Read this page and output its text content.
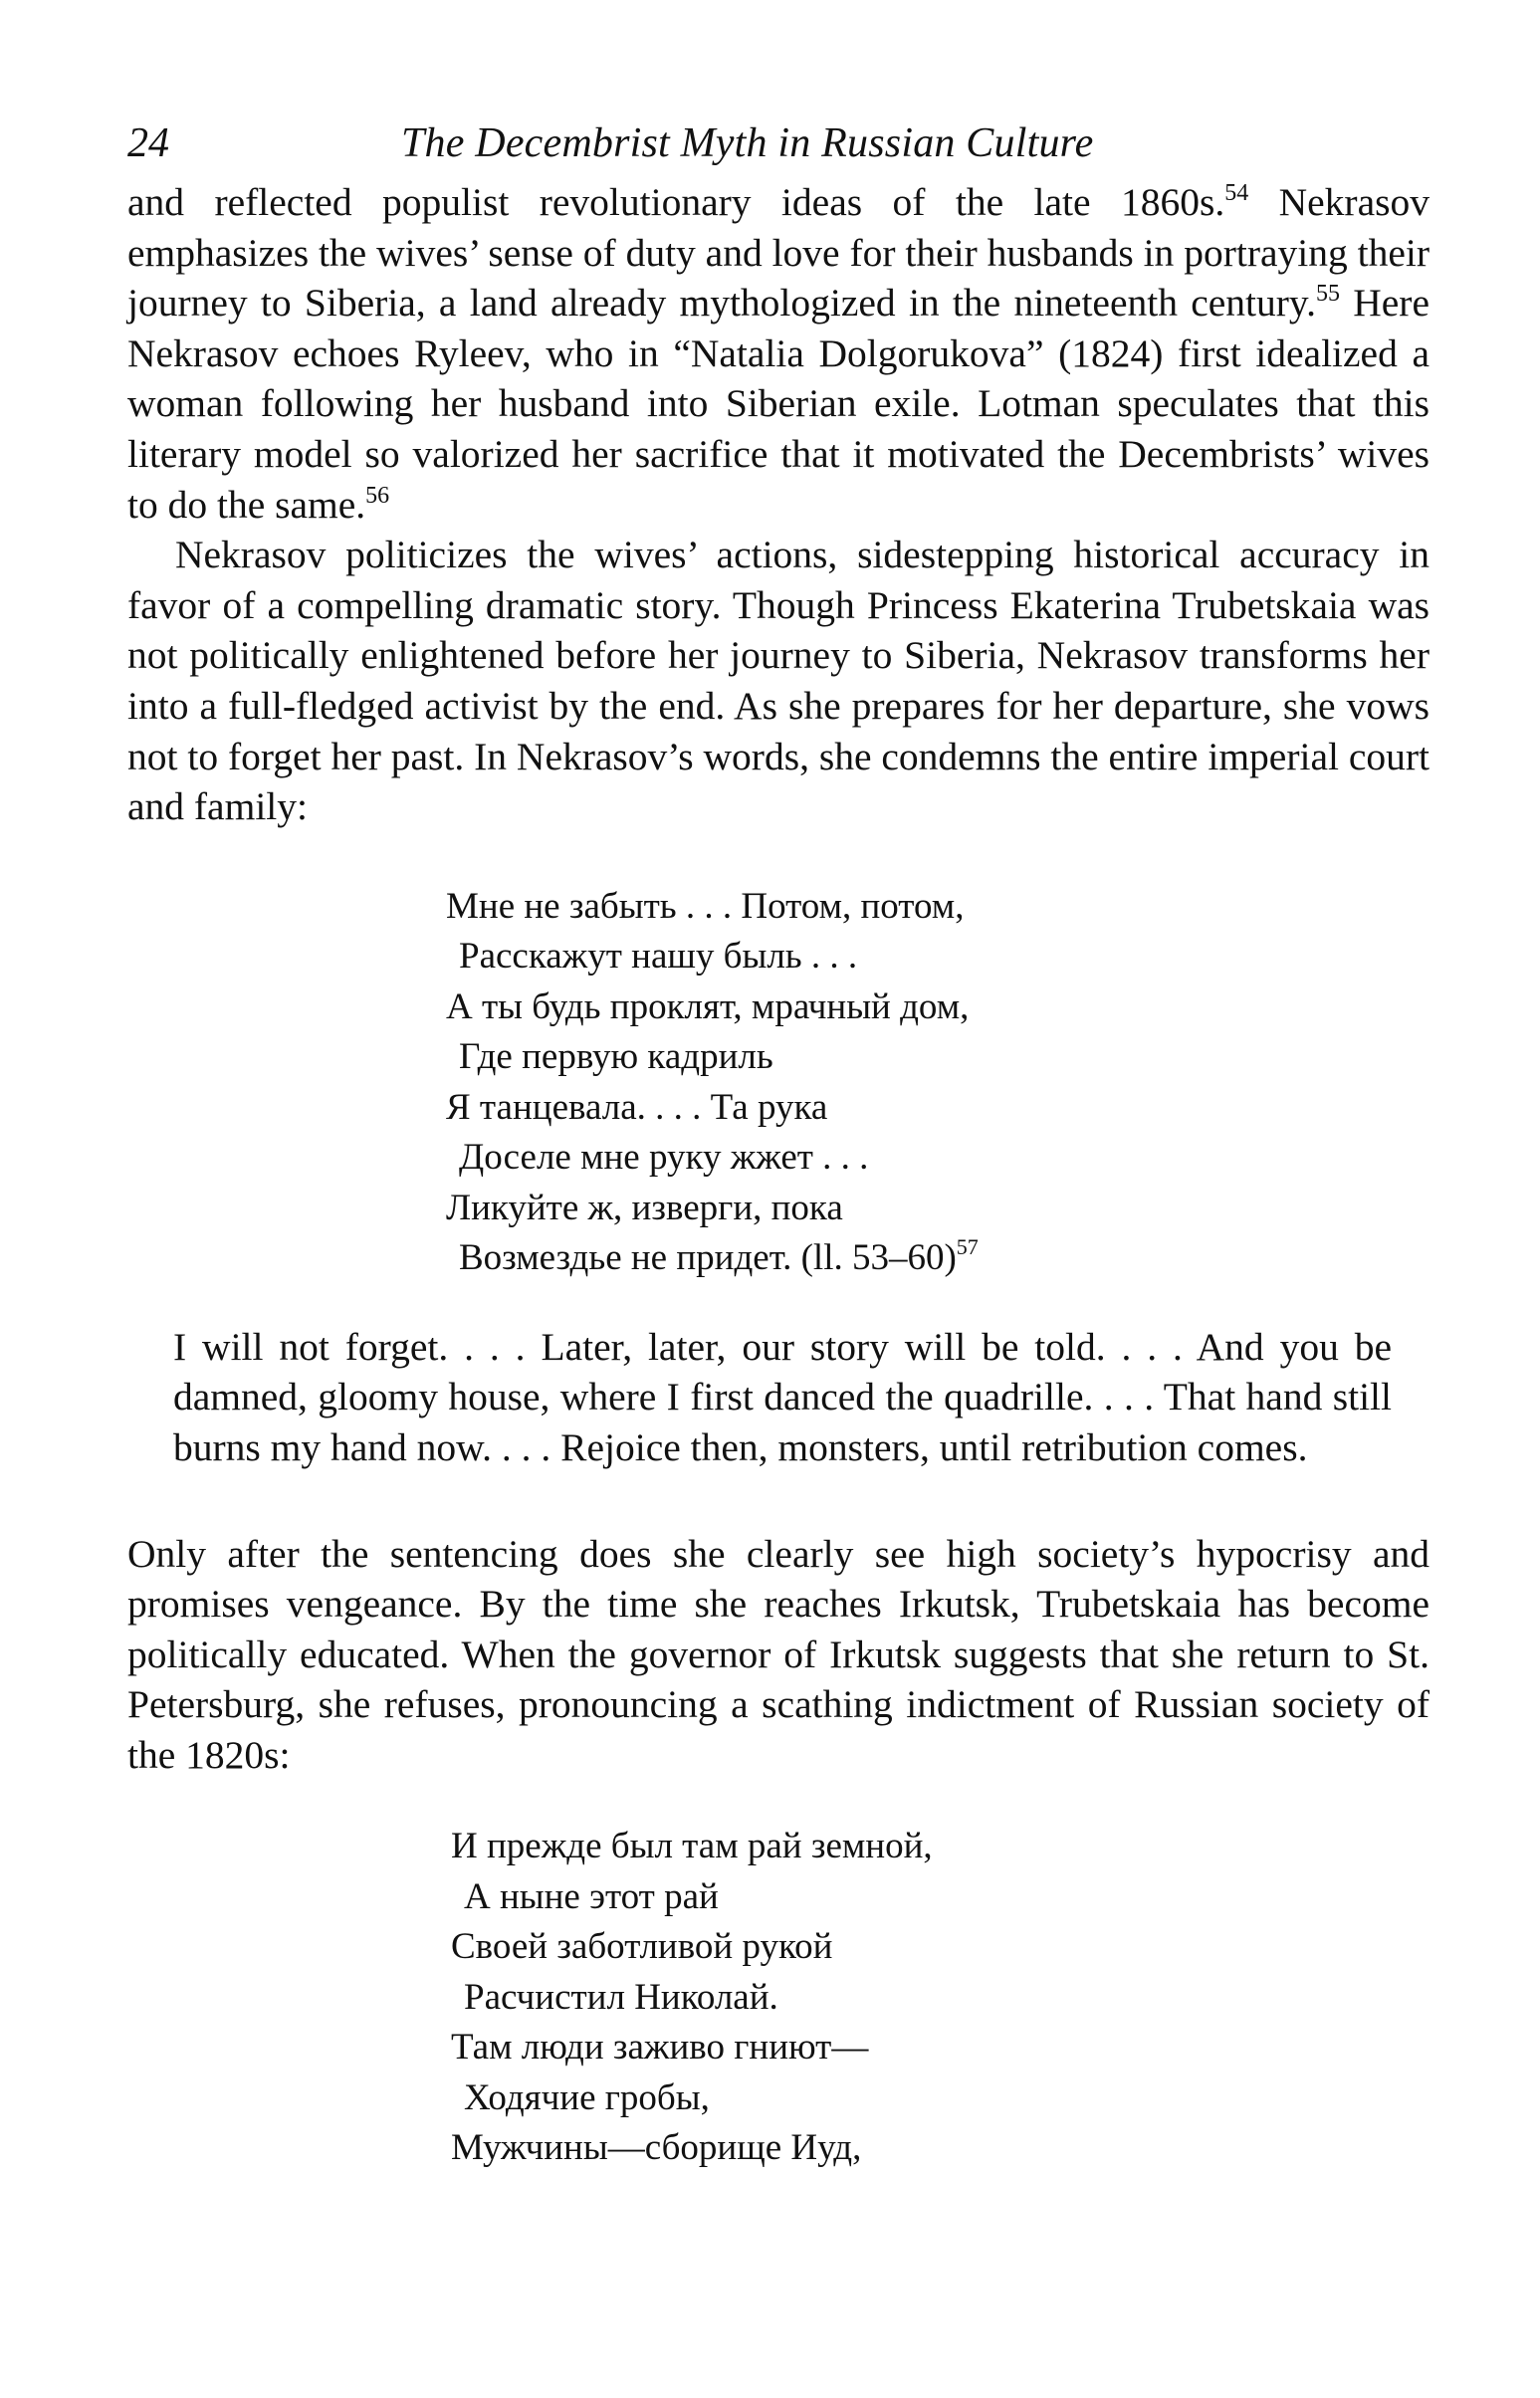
24	The Decembrist Myth in Russian Culture

and reflected populist revolutionary ideas of the late 1860s.$^{54}$ Nekrasov emphasizes the wives’ sense of duty and love for their husbands in portraying their journey to Siberia, a land already mythologized in the nineteenth century.$^{55}$ Here Nekrasov echoes Ryleev, who in “Natalia Dolgorukova” (1824) first idealized a woman following her husband into Siberian exile. Lotman speculates that this literary model so valorized her sacrifice that it motivated the Decembrists’ wives to do the same.$^{56}$

Nekrasov politicizes the wives’ actions, sidestepping historical accuracy in favor of a compelling dramatic story. Though Princess Ekaterina Trubetskaia was not politically enlightened before her journey to Siberia, Nekrasov transforms her into a full-fledged activist by the end. As she prepares for her departure, she vows not to forget her past. In Nekrasov’s words, she condemns the entire imperial court and family:

Мне не забыть . . . Потом, потом,
Расскажут нашу быль . . .
А ты будь проклят, мрачный дом,
Где первую кадриль
Я танцевала. . . . Та рука
Доселе мне руку жжет . . .
Ликуйте ж, изверги, пока
Возмездье не придет. (ll. 53–60)$^{57}$

I will not forget. . . . Later, later, our story will be told. . . . And you be damned, gloomy house, where I first danced the quadrille. . . . That hand still burns my hand now. . . . Rejoice then, monsters, until retribution comes.

Only after the sentencing does she clearly see high society’s hypocrisy and promises vengeance. By the time she reaches Irkutsk, Trubetskaia has become politically educated. When the governor of Irkutsk suggests that she return to St. Petersburg, she refuses, pronouncing a scathing indictment of Russian society of the 1820s:

И прежде был там рай земной,
А ныне этот рай
Своей заботливой рукой
Расчистил Николай.
Там люди заживо гниют—
Ходячие гробы,
Мужчины—сборище Иуд,
